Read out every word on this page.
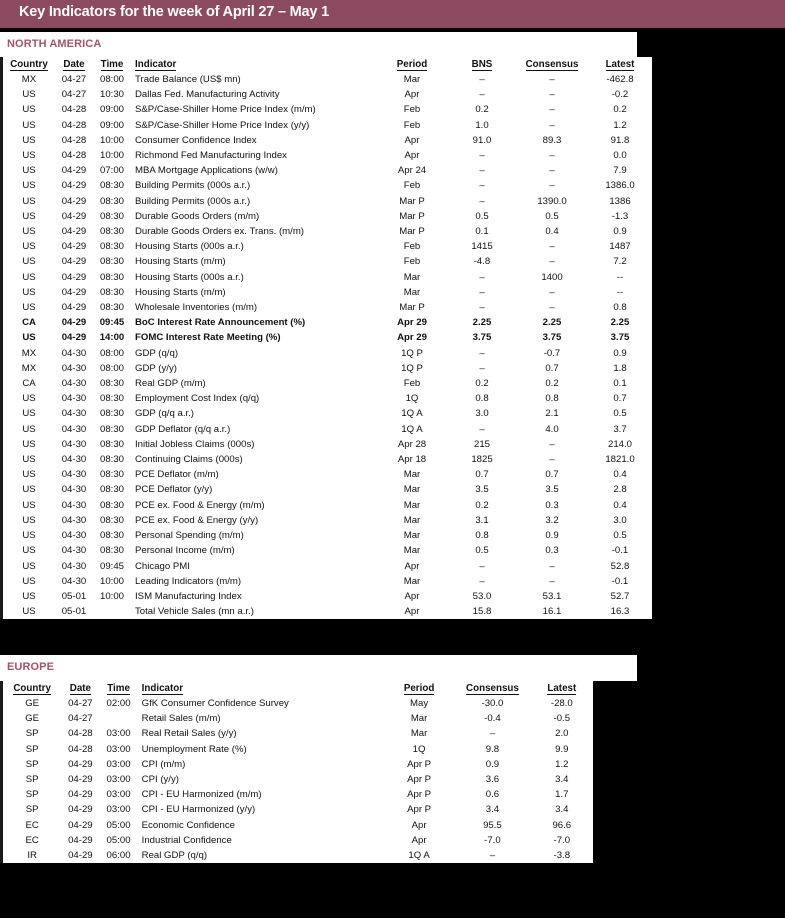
Key Indicators for the week of April 27 – May 1
NORTH AMERICA
Country	Date	Time	Indicator	Period	BNS	Consensus	Latest
MX	04-27	08:00	Trade Balance (US$ mn)	Mar	–	–	-462.8
US	04-27	10:30	Dallas Fed. Manufacturing Activity	Apr	–	–	-0.2
US	04-28	09:00	S&P/Case-Shiller Home Price Index (m/m)	Feb	0.2	–	0.2
US	04-28	09:00	S&P/Case-Shiller Home Price Index (y/y)	Feb	1.0	–	1.2
US	04-28	10:00	Consumer Confidence Index	Apr	91.0	89.3	91.8
US	04-28	10:00	Richmond Fed Manufacturing Index	Apr	–	–	0.0
US	04-29	07:00	MBA Mortgage Applications (w/w)	Apr 24	–	–	7.9
US	04-29	08:30	Building Permits (000s a.r.)	Feb	–	–	1386.0
US	04-29	08:30	Building Permits (000s a.r.)	Mar P	–	1390.0	1386
US	04-29	08:30	Durable Goods Orders (m/m)	Mar P	0.5	0.5	-1.3
US	04-29	08:30	Durable Goods Orders ex. Trans. (m/m)	Mar P	0.1	0.4	0.9
US	04-29	08:30	Housing Starts (000s a.r.)	Feb	1415	–	1487
US	04-29	08:30	Housing Starts (m/m)	Feb	-4.8	–	7.2
US	04-29	08:30	Housing Starts (000s a.r.)	Mar	–	1400	--
US	04-29	08:30	Housing Starts (m/m)	Mar	–	–	--
US	04-29	08:30	Wholesale Inventories (m/m)	Mar P	–	–	0.8
CA	04-29	09:45	BoC Interest Rate Announcement (%)	Apr 29	2.25	2.25	2.25
US	04-29	14:00	FOMC Interest Rate Meeting (%)	Apr 29	3.75	3.75	3.75
MX	04-30	08:00	GDP (q/q)	1Q P	–	-0.7	0.9
MX	04-30	08:00	GDP (y/y)	1Q P	–	0.7	1.8
CA	04-30	08:30	Real GDP (m/m)	Feb	0.2	0.2	0.1
US	04-30	08:30	Employment Cost Index (q/q)	1Q	0.8	0.8	0.7
US	04-30	08:30	GDP (q/q a.r.)	1Q A	3.0	2.1	0.5
US	04-30	08:30	GDP Deflator (q/q a.r.)	1Q A	–	4.0	3.7
US	04-30	08:30	Initial Jobless Claims (000s)	Apr 28	215	–	214.0
US	04-30	08:30	Continuing Claims (000s)	Apr 18	1825	–	1821.0
US	04-30	08:30	PCE Deflator (m/m)	Mar	0.7	0.7	0.4
US	04-30	08:30	PCE Deflator (y/y)	Mar	3.5	3.5	2.8
US	04-30	08:30	PCE ex. Food & Energy (m/m)	Mar	0.2	0.3	0.4
US	04-30	08:30	PCE ex. Food & Energy (y/y)	Mar	3.1	3.2	3.0
US	04-30	08:30	Personal Spending (m/m)	Mar	0.8	0.9	0.5
US	04-30	08:30	Personal Income (m/m)	Mar	0.5	0.3	-0.1
US	04-30	09:45	Chicago PMI	Apr	–	–	52.8
US	04-30	10:00	Leading Indicators (m/m)	Mar	–	–	-0.1
US	05-01	10:00	ISM Manufacturing Index	Apr	53.0	53.1	52.7
US	05-01		Total Vehicle Sales (mn a.r.)	Apr	15.8	16.1	16.3
EUROPE
Country	Date	Time	Indicator	Period	Consensus	Latest
GE	04-27	02:00	GfK Consumer Confidence Survey	May	-30.0	-28.0
GE	04-27		Retail Sales (m/m)	Mar	-0.4	-0.5
SP	04-28	03:00	Real Retail Sales (y/y)	Mar	–	2.0
SP	04-28	03:00	Unemployment Rate (%)	1Q	9.8	9.9
SP	04-29	03:00	CPI (m/m)	Apr P	0.9	1.2
SP	04-29	03:00	CPI (y/y)	Apr P	3.6	3.4
SP	04-29	03:00	CPI - EU Harmonized (m/m)	Apr P	0.6	1.7
SP	04-29	03:00	CPI - EU Harmonized (y/y)	Apr P	3.4	3.4
EC	04-29	05:00	Economic Confidence	Apr	95.5	96.6
EC	04-29	05:00	Industrial Confidence	Apr	-7.0	-7.0
IR	04-29	06:00	Real GDP (q/q)	1Q A	–	-3.8
